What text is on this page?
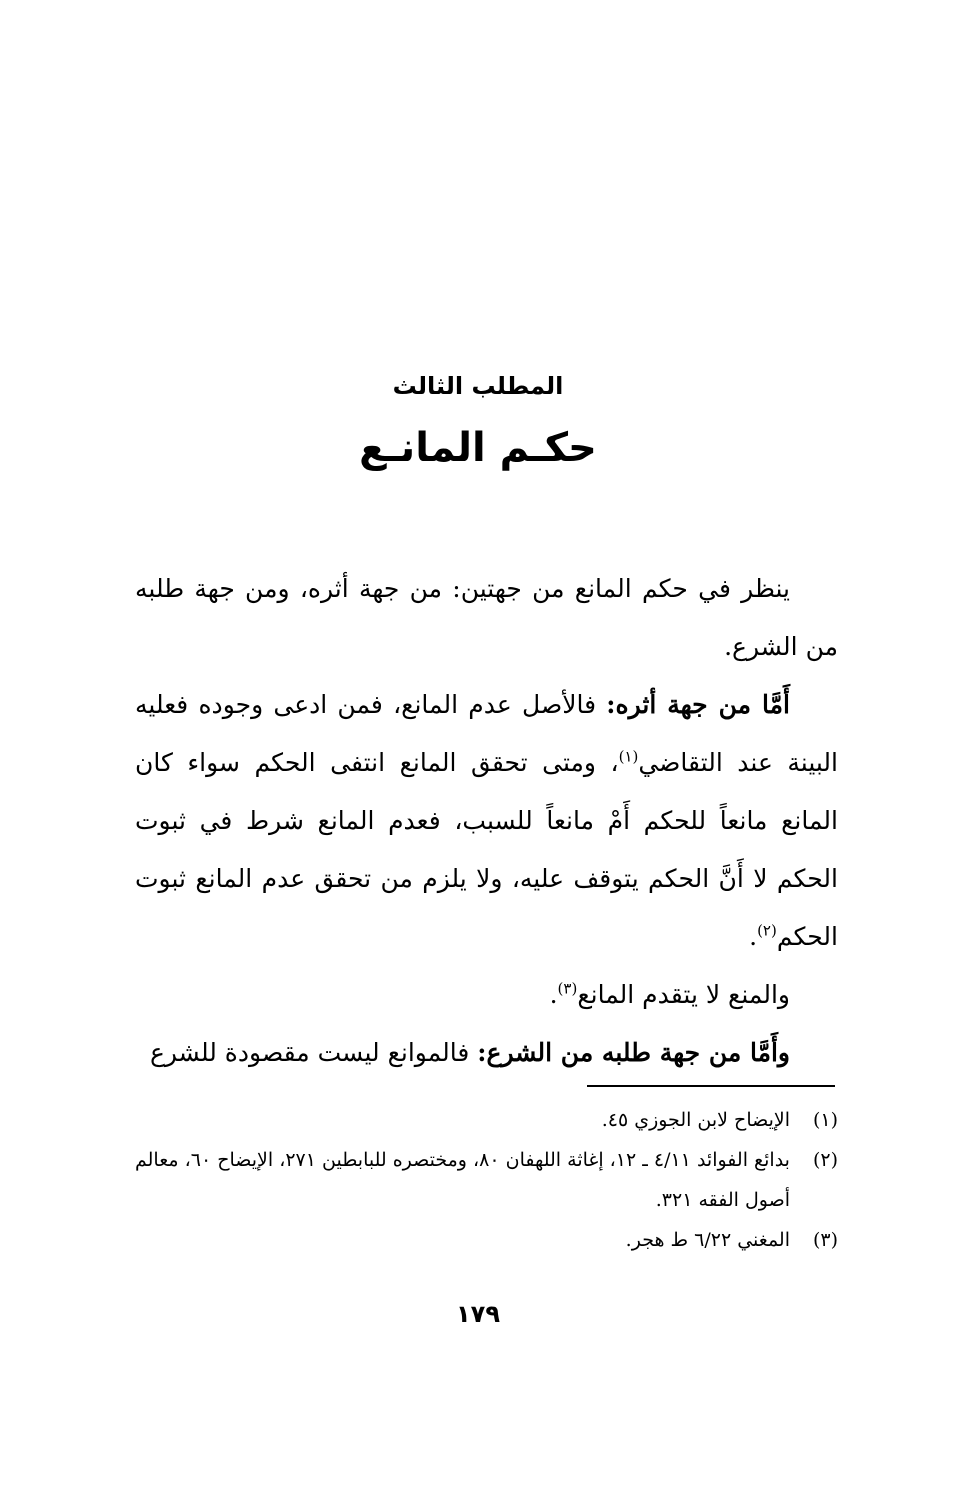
المطلب الثالث
حكـم المانـع

ينظر في حكم المانع من جهتين: من جهة أثره، ومن جهة طلبه من الشرع.

أَمَّا من جهة أثره: فالأصل عدم المانع، فمن ادعى وجوده فعليه البينة عند التقاضي$^{(١)}$، ومتى تحقق المانع انتفى الحكم سواء كان المانع مانعاً للحكم أَمْ مانعاً للسبب، فعدم المانع شرط في ثبوت الحكم لا أَنَّ الحكم يتوقف عليه، ولا يلزم من تحقق عدم المانع ثبوت الحكم$^{(٢)}$.

والمنع لا يتقدم المانع$^{(٣)}$.

وأَمَّا من جهة طلبه من الشرع: فالموانع ليست مقصودة للشرع

(١)
الإيضاح لابن الجوزي ٤٥.
(٢)
بدائع الفوائد ٤/١١ ـ ١٢، إغاثة اللهفان ٨٠، ومختصره للبابطين ٢٧١، الإيضاح ٦٠، معالم أصول الفقه ٣٢١.
(٣)
المغني ٦/٢٢ ط هجر.
١٧٩
